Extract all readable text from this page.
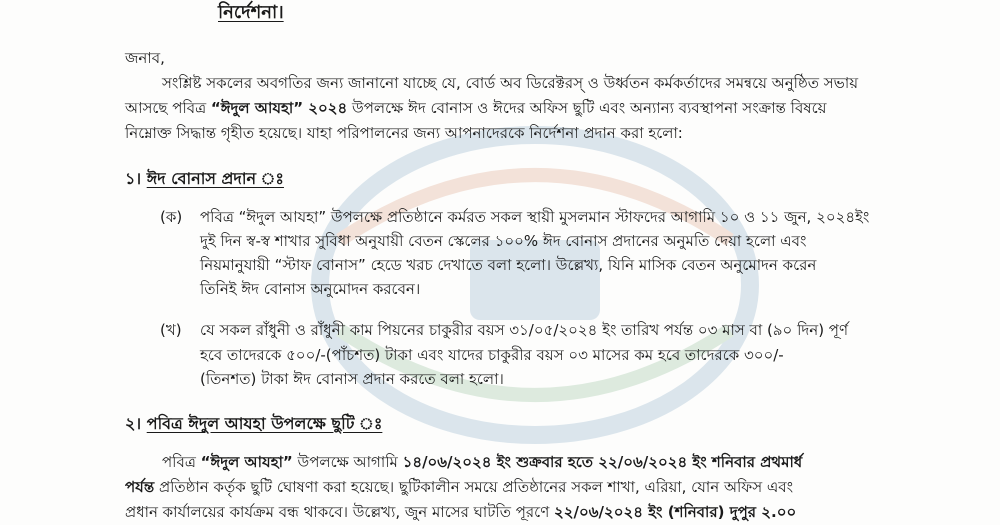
নির্দেশনা।
জনাব,
সংশ্লিষ্ট সকলের অবগতির জন্য জানানো যাচ্ছে যে, বোর্ড অব ডিরেক্টরস্ ও উর্ধ্বতন কর্মকর্তাদের সমন্বয়ে অনুষ্ঠিত সভায়
আসছে পবিত্র “ঈদুল আযহা” ২০২৪ উপলক্ষে ঈদ বোনাস ও ঈদের অফিস ছুটি এবং অন্যান্য ব্যবস্থাপনা সংক্রান্ত বিষয়ে
নিম্নোক্ত সিদ্ধান্ত গৃহীত হয়েছে। যাহা পরিপালনের জন্য আপনাদেরকে নির্দেশনা প্রদান করা হলো:
১। ঈদ বোনাস প্রদান ঃ
(ক) পবিত্র “ঈদুল আযহা” উপলক্ষে প্রতিষ্ঠানে কর্মরত সকল স্থায়ী মুসলমান স্টাফদের আগামি ১০ ও ১১ জুন, ২০২৪ইং
দুই দিন স্ব-স্ব শাখার সুবিধা অনুযায়ী বেতন স্কেলের ১০০% ঈদ বোনাস প্রদানের অনুমতি দেয়া হলো এবং
নিয়মানুযায়ী “স্টাফ বোনাস” হেডে খরচ দেখাতে বলা হলো। উল্লেখ্য, যিনি মাসিক বেতন অনুমোদন করেন
তিনিই ঈদ বোনাস অনুমোদন করবেন।
(খ) যে সকল রাঁধুনী ও রাঁধুনী কাম পিয়নের চাকুরীর বয়স ৩১/০৫/২০২৪ ইং তারিখ পর্যন্ত ০৩ মাস বা (৯০ দিন) পূর্ণ
হবে তাদেরকে ৫০০/-(পাঁচশত) টাকা এবং যাদের চাকুরীর বয়স ০৩ মাসের কম হবে তাদেরকে ৩০০/-
(তিনশত) টাকা ঈদ বোনাস প্রদান করতে বলা হলো।
২। পবিত্র ঈদুল আযহা উপলক্ষে ছুটি ঃ
পবিত্র “ঈদুল আযহা” উপলক্ষে আগামি ১৪/০৬/২০২৪ ইং শুক্রবার হতে ২২/০৬/২০২৪ ইং শনিবার প্রথমার্ধ
পর্যন্ত প্রতিষ্ঠান কর্তৃক ছুটি ঘোষণা করা হয়েছে। ছুটিকালীন সময়ে প্রতিষ্ঠানের সকল শাখা, এরিয়া, যোন অফিস এবং
প্রধান কার্যালয়ের কার্যক্রম বন্ধ থাকবে। উল্লেখ্য, জুন মাসের ঘাটতি পূরণে ২২/০৬/২০২৪ ইং (শনিবার) দুপুর ২.০০
